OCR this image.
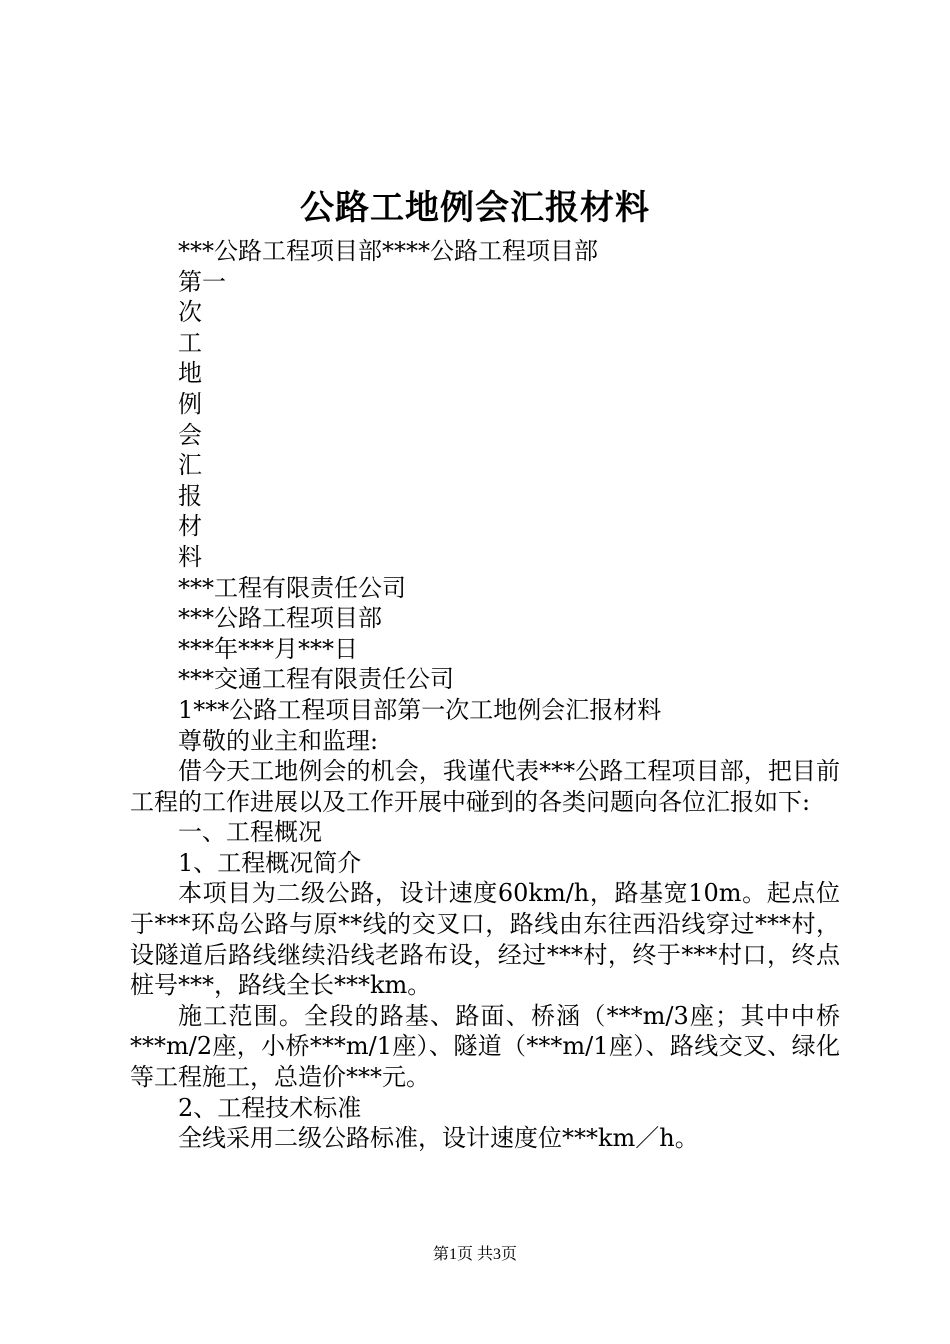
公路工地例会汇报材料

***公路工程项目部****公路工程项目部

第一

次

工

地

例

会

汇

报

材

料

***工程有限责任公司

***公路工程项目部

***年***月***日

***交通工程有限责任公司

1***公路工程项目部第一次工地例会汇报材料

尊敬的业主和监理:

借今天工地例会的机会，我谨代表***公路工程项目部，把目前工程的工作进展以及工作开展中碰到的各类问题向各位汇报如下:

一、工程概况

1、工程概况简介

本项目为二级公路，设计速度60km/h，路基宽10m。起点位于***环岛公路与原**线的交叉口，路线由东往西沿线穿过***村，设隧道后路线继续沿线老路布设，经过***村，终于***村口，终点桩号***，路线全长***km。

施工范围。全段的路基、路面、桥涵（***m/3座；其中中桥***m/2座，小桥***m/1座）、隧道（***m/1座）、路线交叉、绿化等工程施工，总造价***元。

2、工程技术标准

全线采用二级公路标准，设计速度位***km／h。

第1页 共3页
